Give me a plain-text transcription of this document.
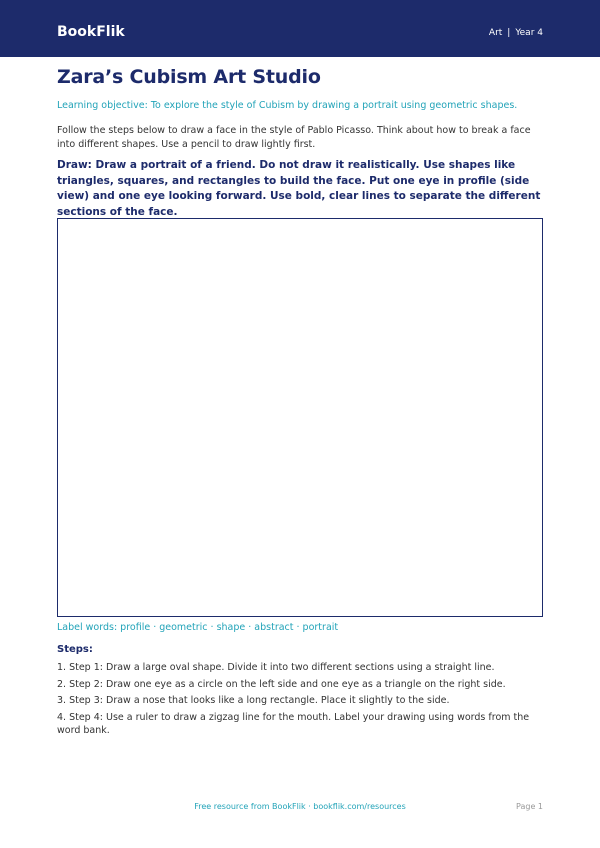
BookFlik	Art | Year 4
Zara’s Cubism Art Studio

Learning objective: To explore the style of Cubism by drawing a portrait using geometric shapes.

Follow the steps below to draw a face in the style of Pablo Picasso. Think about how to break a face into different shapes. Use a pencil to draw lightly first.

Draw: Draw a portrait of a friend. Do not draw it realistically. Use shapes like triangles, squares, and rectangles to build the face. Put one eye in profile (side view) and one eye looking forward. Use bold, clear lines to separate the different sections of the face.

Label words: profile · geometric · shape · abstract · portrait

Steps:
1. Step 1: Draw a large oval shape. Divide it into two different sections using a straight line.
2. Step 2: Draw one eye as a circle on the left side and one eye as a triangle on the right side.
3. Step 3: Draw a nose that looks like a long rectangle. Place it slightly to the side.
4. Step 4: Use a ruler to draw a zigzag line for the mouth. Label your drawing using words from the word bank.
Free resource from BookFlik · bookflik.com/resources	Page 1
